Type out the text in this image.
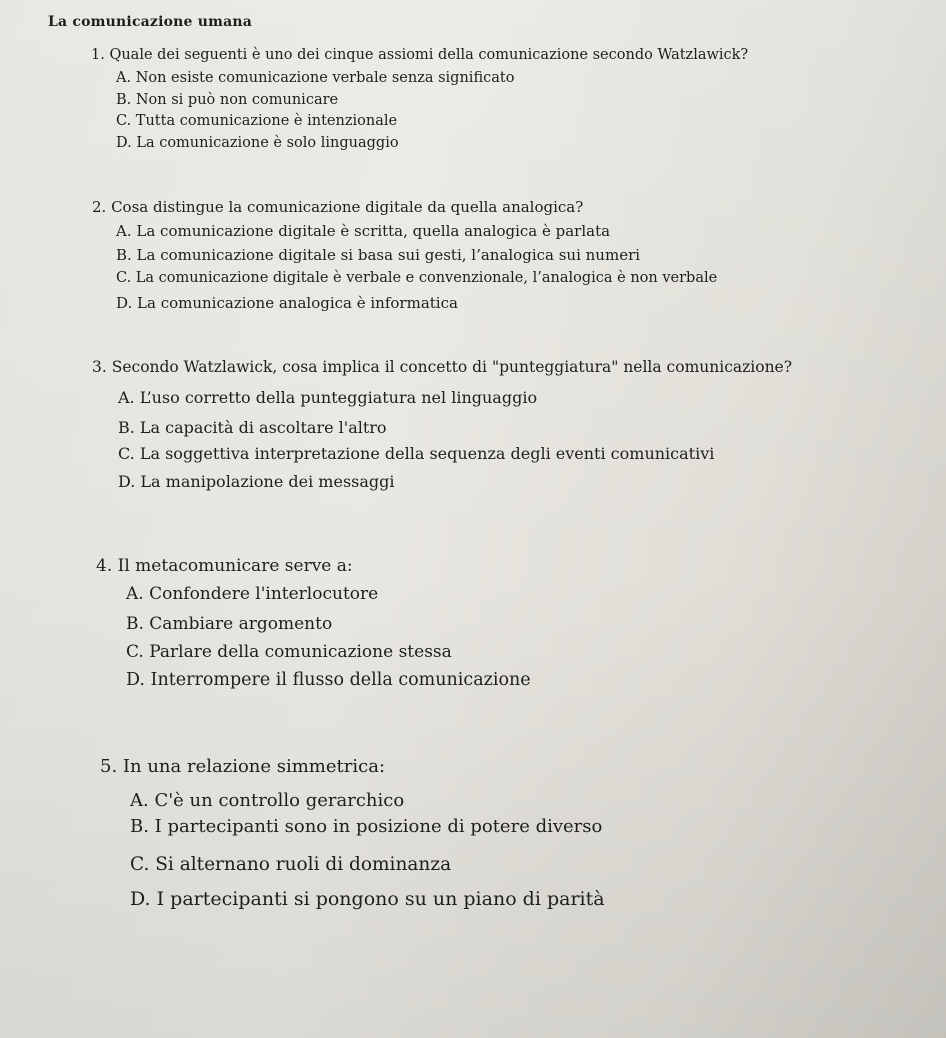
La comunicazione umana
1. Quale dei seguenti è uno dei cinque assiomi della comunicazione secondo Watzlawick?
A. Non esiste comunicazione verbale senza significato
B. Non si può non comunicare
C. Tutta comunicazione è intenzionale
D. La comunicazione è solo linguaggio
2. Cosa distingue la comunicazione digitale da quella analogica?
A. La comunicazione digitale è scritta, quella analogica è parlata
B. La comunicazione digitale si basa sui gesti, l’analogica sui numeri
C. La comunicazione digitale è verbale e convenzionale, l’analogica è non verbale
D. La comunicazione analogica è informatica
3. Secondo Watzlawick, cosa implica il concetto di "punteggiatura" nella comunicazione?
A. L’uso corretto della punteggiatura nel linguaggio
B. La capacità di ascoltare l'altro
C. La soggettiva interpretazione della sequenza degli eventi comunicativi
D. La manipolazione dei messaggi
4. Il metacomunicare serve a:
A. Confondere l'interlocutore
B. Cambiare argomento
C. Parlare della comunicazione stessa
D. Interrompere il flusso della comunicazione
5. In una relazione simmetrica:
A. C'è un controllo gerarchico
B. I partecipanti sono in posizione di potere diverso
C. Si alternano ruoli di dominanza
D. I partecipanti si pongono su un piano di parità
